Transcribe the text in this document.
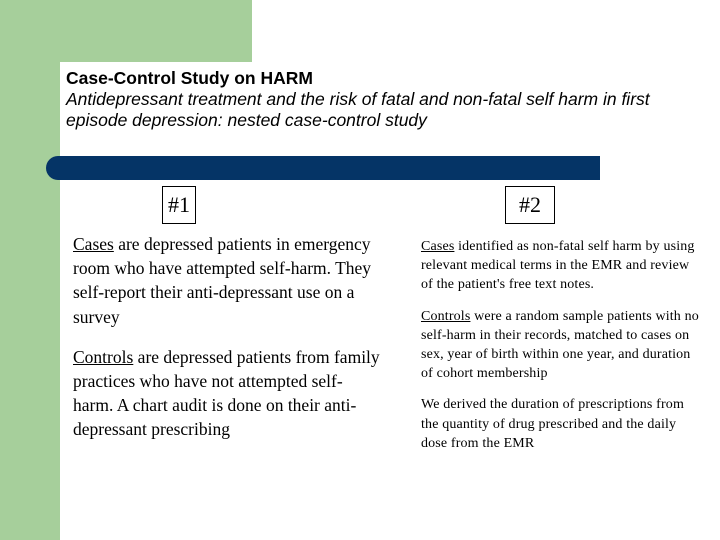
Case-Control Study on HARM
Antidepressant treatment and the risk of fatal and non-fatal self harm in first episode depression: nested case-control study
#1	#2

Cases are depressed patients in emergency room who have attempted self-harm. They self-report their anti-depressant use on a survey

Controls are depressed patients from family practices who have not attempted self-harm. A chart audit is done on their anti-depressant prescribing

Cases identified as non-fatal self harm by using relevant medical terms in the EMR and review of the patient's free text notes.

Controls were a random sample patients with no self-harm in their records, matched to cases on sex, year of birth within one year, and duration of cohort membership

We derived the duration of prescriptions from the quantity of drug prescribed and the daily dose from the EMR
